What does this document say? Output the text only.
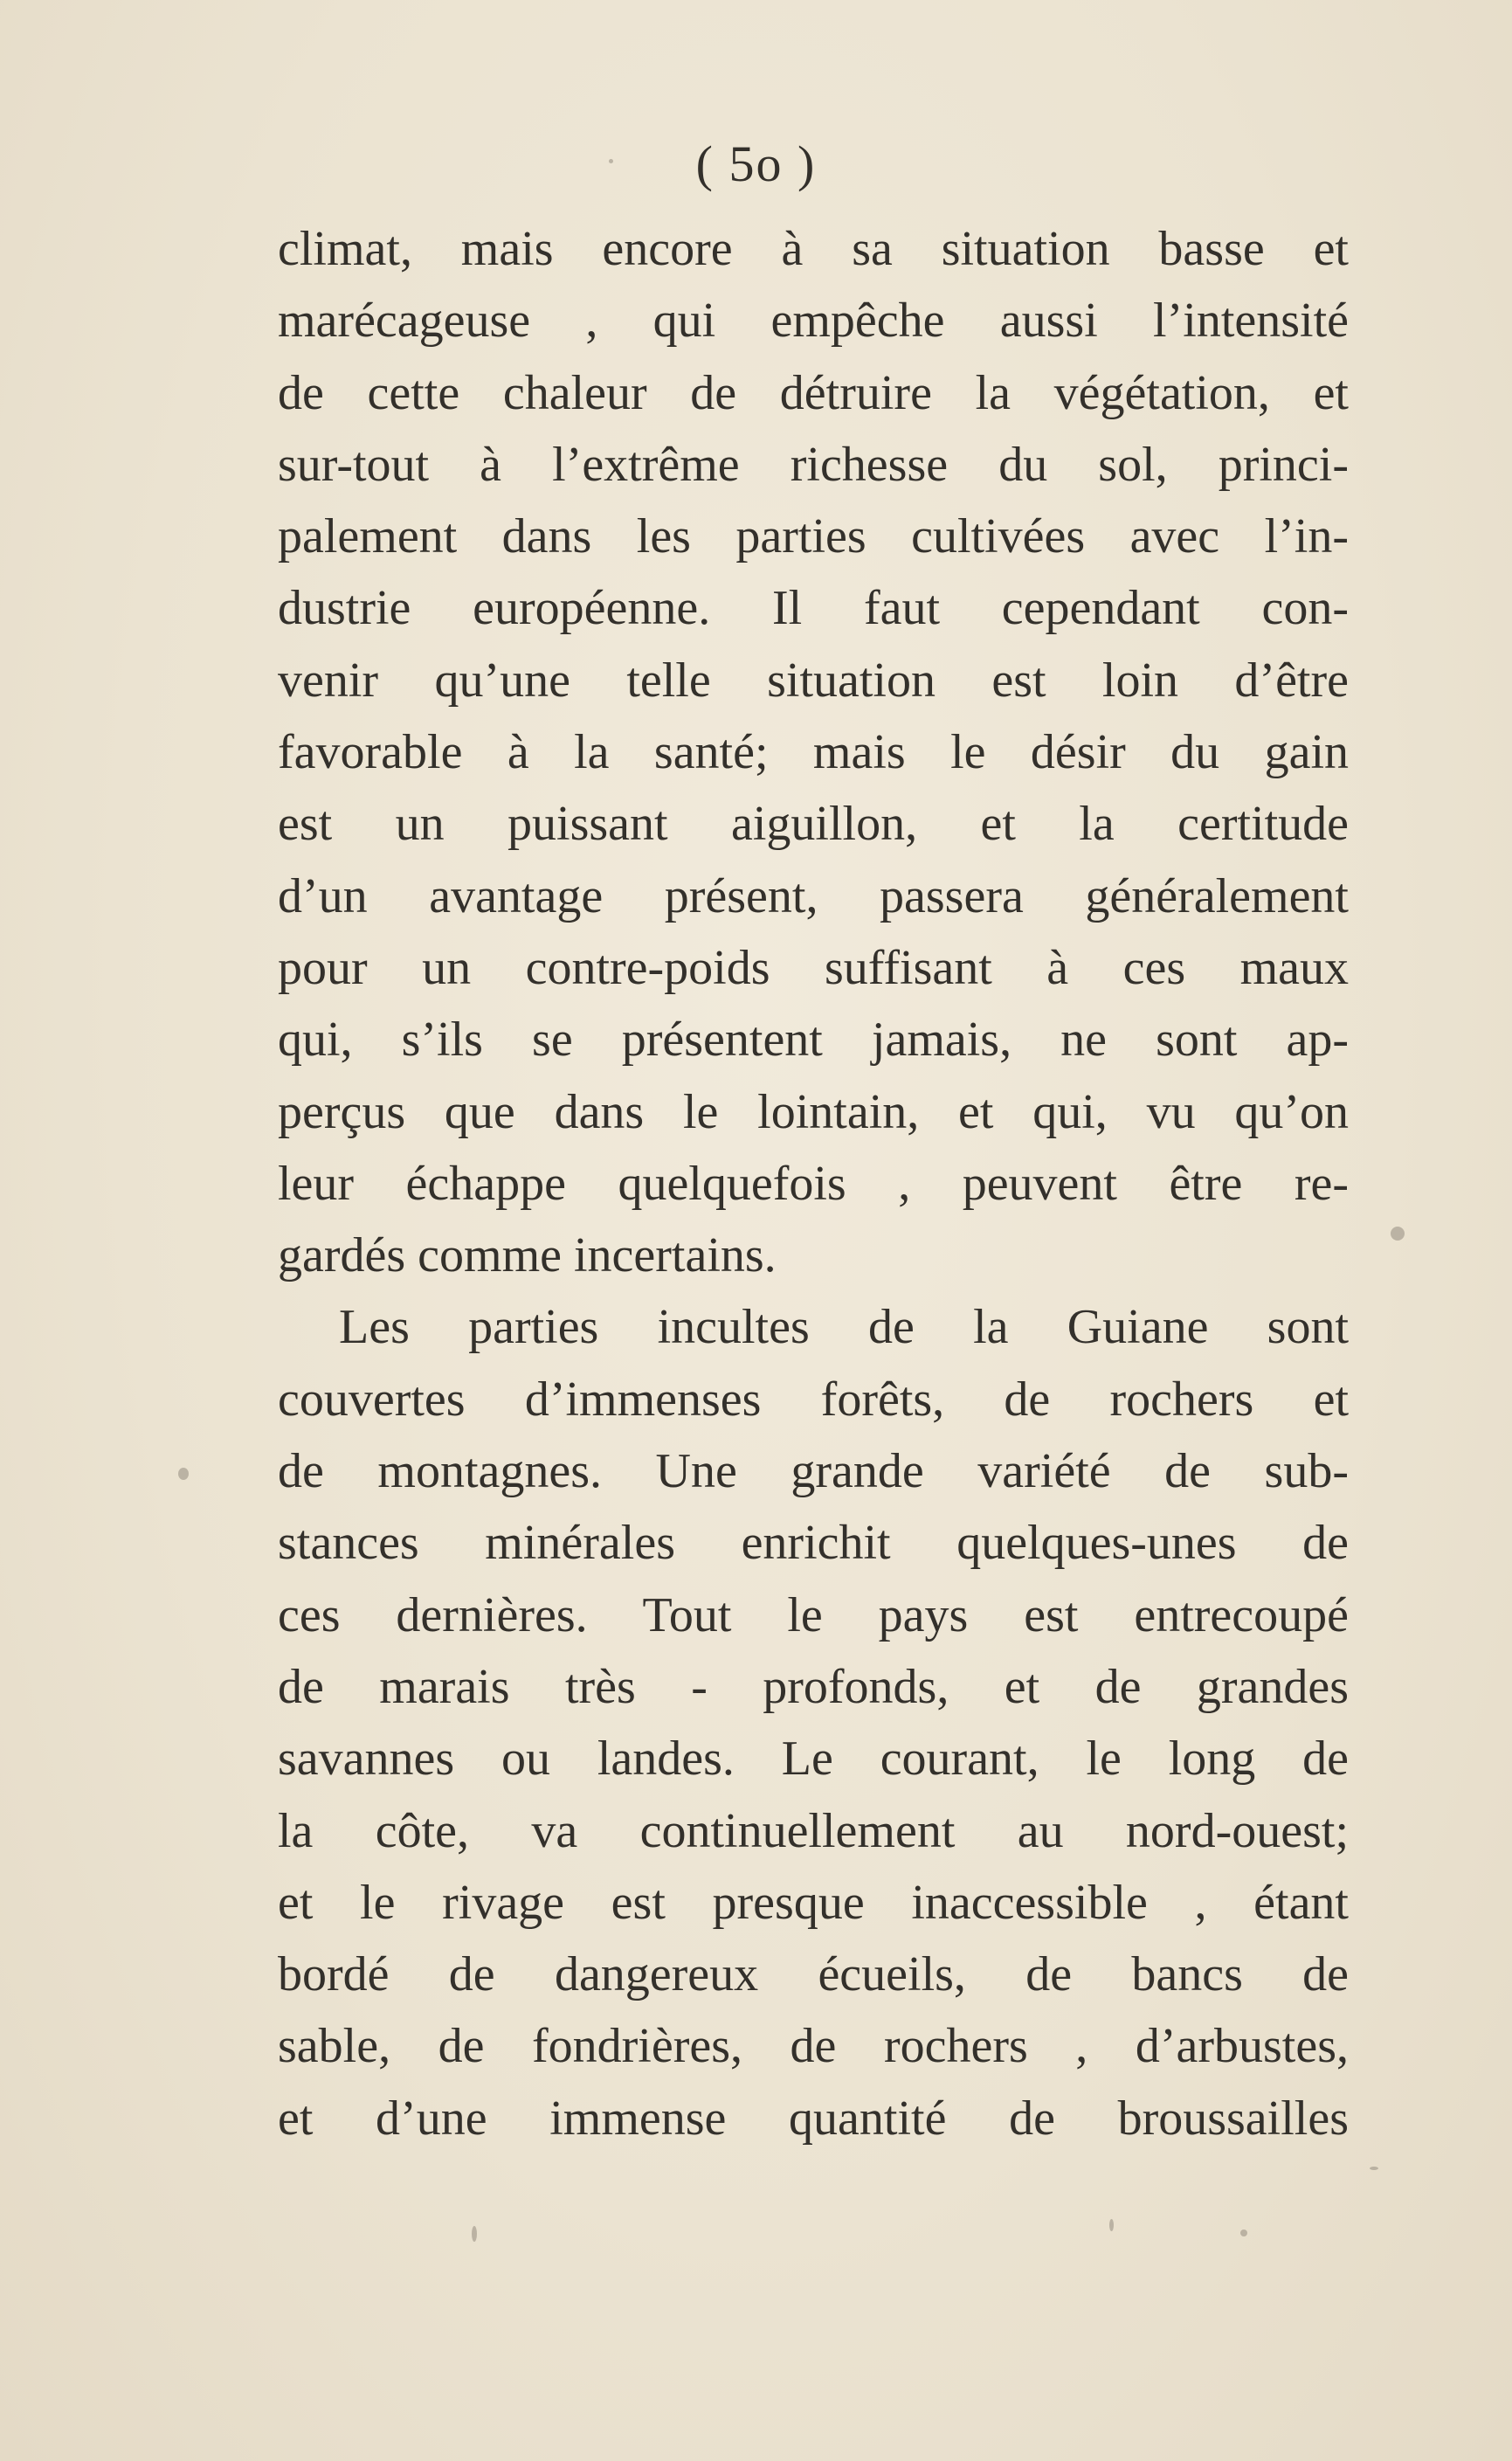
( 5o )
climat, mais encore à sa situation basse et
marécageuse , qui empêche aussi l’intensité
de cette chaleur de détruire la végétation, et
sur-tout à l’extrême richesse du sol, princi-
palement dans les parties cultivées avec l’in-
dustrie européenne. Il faut cependant con-
venir qu’une telle situation est loin d’être
favorable à la santé; mais le désir du gain
est un puissant aiguillon, et la certitude
d’un avantage présent, passera généralement
pour un contre-poids suffisant à ces maux
qui, s’ils se présentent jamais, ne sont ap-
perçus que dans le lointain, et qui, vu qu’on
leur échappe quelquefois , peuvent être re-
gardés comme incertains.
Les parties incultes de la Guiane sont
couvertes d’immenses forêts, de rochers et
de montagnes. Une grande variété de sub-
stances minérales enrichit quelques-unes de
ces dernières. Tout le pays est entrecoupé
de marais très - profonds, et de grandes
savannes ou landes. Le courant, le long de
la côte, va continuellement au nord-ouest;
et le rivage est presque inaccessible , étant
bordé de dangereux écueils, de bancs de
sable, de fondrières, de rochers , d’arbustes,
et d’une immense quantité de broussailles
